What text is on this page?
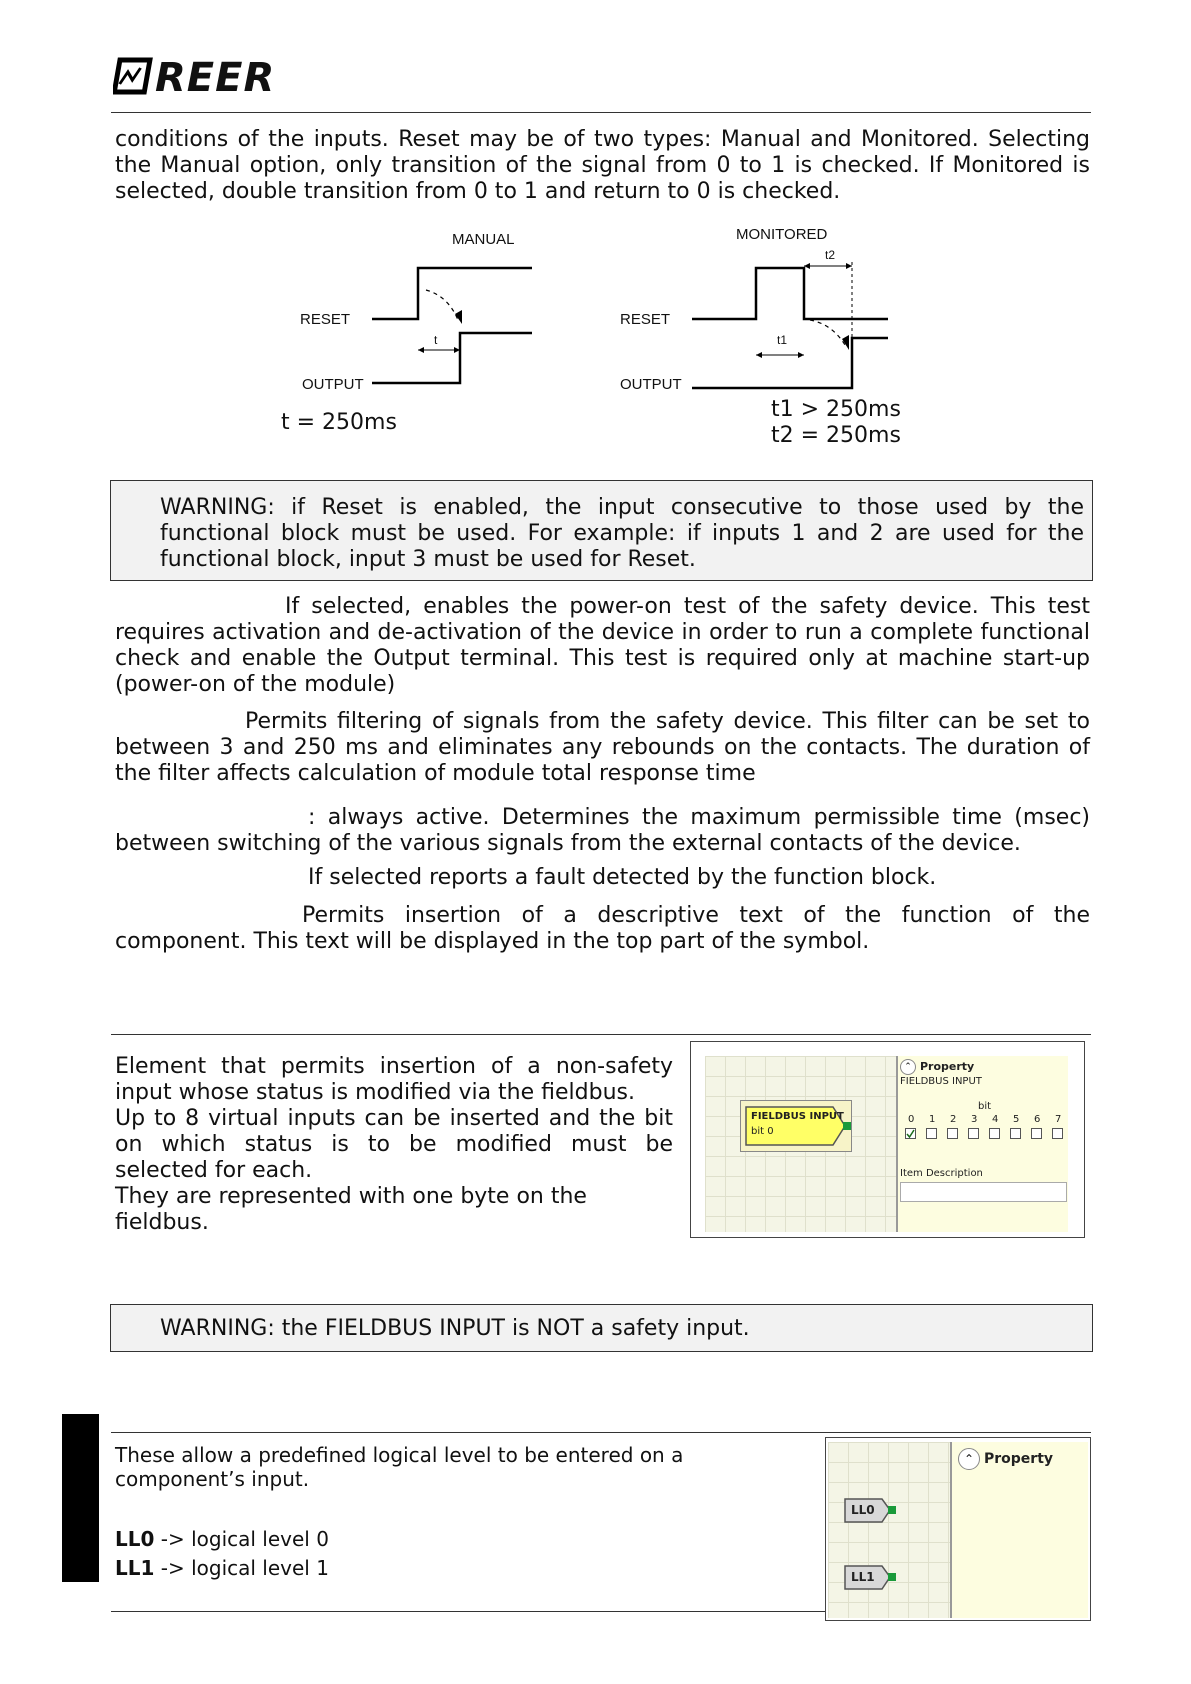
REER
conditions of the inputs. Reset may be of two types: Manual and Monitored. Selecting the Manual option, only transition of the signal from 0 to 1 is checked. If Monitored is selected, double transition from 0 to 1 and return to 0 is checked.
MANUAL
RESET
OUTPUT
t
MONITORED
t2
RESET
OUTPUT
t1
t = 250ms
t1 > 250ms
t2 = 250ms
WARNING: if Reset is enabled, the input consecutive to those used by the functional block must be used. For example: if inputs 1 and 2 are used for the functional block, input 3 must be used for Reset.
If selected, enables the power-on test of the safety device. This test requires activation and de-activation of the device in order to run a complete functional check and enable the Output terminal. This test is required only at machine start-up (power-on of the module)
Permits filtering of signals from the safety device. This filter can be set to between 3 and 250 ms and eliminates any rebounds on the contacts. The duration of the filter affects calculation of module total response time
: always active. Determines the maximum permissible time (msec) between switching of the various signals from the external contacts of the device.
If selected reports a fault detected by the function block.
Permits insertion of a descriptive text of the function of the component. This text will be displayed in the top part of the symbol.
Element that permits insertion of a non-safety input whose status is modified via the fieldbus.
Up to 8 virtual inputs can be inserted and the bit on which status is to be modified must be selected for each.
They are represented with one byte on the fieldbus.
FIELDBUS INPUT
bit 0
⌃ Property
FIELDBUS INPUT
bit
0 1 2 3 4 5 6 7
Item Description
WARNING: the FIELDBUS INPUT is NOT a safety input.
These allow a predefined logical level to be entered on a component’s input.
LL0 -> logical level 0
LL1 -> logical level 1
LL0
LL1
⌃ Property
